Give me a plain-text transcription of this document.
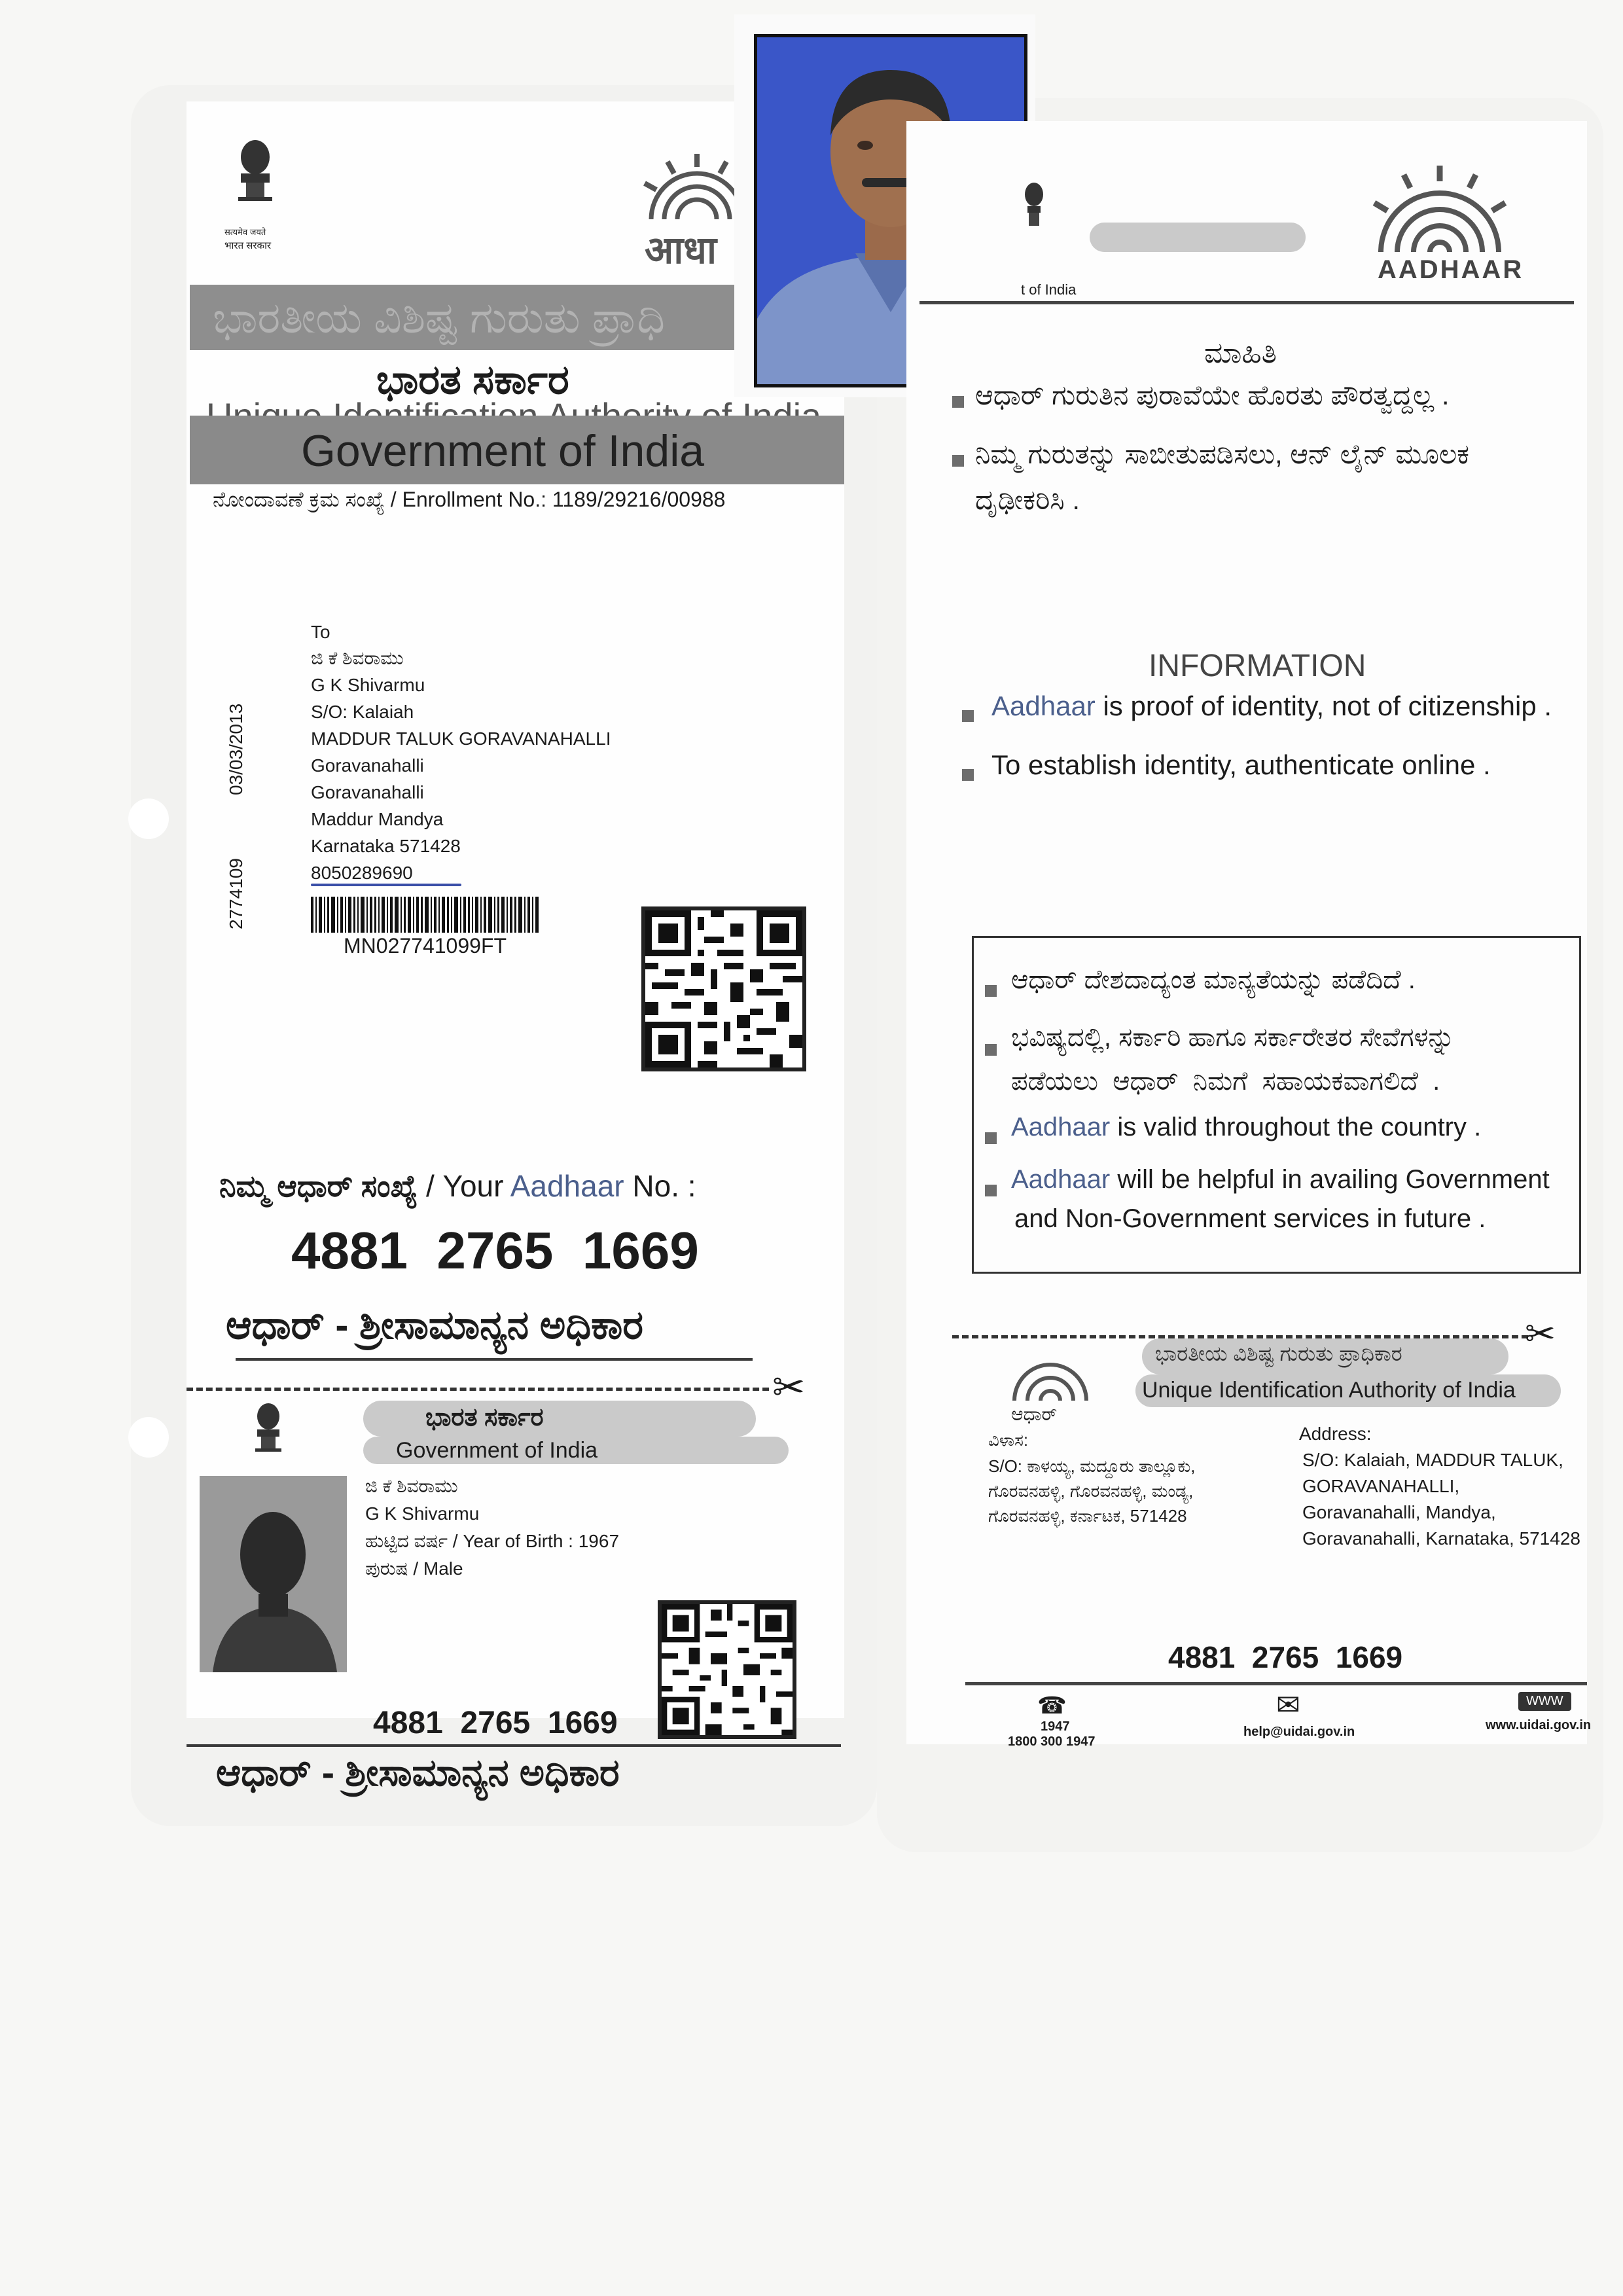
सत्यमेव जयते
भारत सरकार	आधा
ಭಾರತೀಯ ವಿಶಿಷ್ಟ ಗುರುತು ಪ್ರಾಧಿ
ಭಾರತ ಸರ್ಕಾರ
Government of India
ನೋಂದಾವಣೆ ಕ್ರಮ ಸಂಖ್ಯೆ / Enrollment No.: 1189/29216/00988
03/03/2013
2774109
To
ಜಿ ಕೆ ಶಿವರಾಮು
G K Shivarmu
S/O: Kalaiah
MADDUR TALUK GORAVANAHALLI
Goravanahalli
Goravanahalli
Maddur Mandya
Karnataka 571428
8050289690
MN027741099FT
ನಿಮ್ಮ ಆಧಾರ್ ಸಂಖ್ಯೆ / Your Aadhaar No. :
4881  2765  1669
ಆಧಾರ್ - ಶ್ರೀಸಾಮಾನ್ಯನ ಅಧಿಕಾರ
✂
ಭಾರತ ಸರ್ಕಾರ
Government of India
ಜಿ ಕೆ ಶಿವರಾಮು
G K Shivarmu
ಹುಟ್ಟಿದ ವರ್ಷ / Year of Birth : 1967
ಪುರುಷ / Male
4881  2765  1669
ಆಧಾರ್ - ಶ್ರೀಸಾಮಾನ್ಯನ ಅಧಿಕಾರ
t of India
AADHAAR
ಮಾಹಿತಿ
ಆಧಾರ್ ಗುರುತಿನ ಪುರಾವೆಯೇ ಹೊರತು ಪೌರತ್ವದ್ದಲ್ಲ .
ನಿಮ್ಮ ಗುರುತನ್ನು ಸಾಬೀತುಪಡಿಸಲು, ಆನ್ ಲೈನ್ ಮೂಲಕ
ದೃಢೀಕರಿಸಿ .
INFORMATION
Aadhaar is proof of identity, not of citizenship .
To establish identity, authenticate online .
ಆಧಾರ್ ದೇಶದಾದ್ಯಂತ ಮಾನ್ಯತೆಯನ್ನು ಪಡೆದಿದೆ .
ಭವಿಷ್ಯದಲ್ಲಿ, ಸರ್ಕಾರಿ ಹಾಗೂ ಸರ್ಕಾರೇತರ ಸೇವೆಗಳನ್ನು
ಪಡೆಯಲು  ಆಧಾರ್  ನಿಮಗೆ  ಸಹಾಯಕವಾಗಲಿದೆ  .
Aadhaar is valid throughout the country .
Aadhaar will be helpful in availing Government
and Non-Government services in future .
✂
ಆಧಾರ್
ಭಾರತೀಯ ವಿಶಿಷ್ಟ ಗುರುತು ಪ್ರಾಧಿಕಾರ
Unique Identification Authority of India
ವಿಳಾಸ:
S/O: ಕಾಳಯ್ಯ, ಮದ್ದೂರು ತಾಲ್ಲೂಕು,
ಗೊರವನಹಳ್ಳಿ, ಗೊರವನಹಳ್ಳಿ, ಮಂಡ್ಯ,
ಗೊರವನಹಳ್ಳಿ, ಕರ್ನಾಟಕ, 571428
Address:
S/O: Kalaiah, MADDUR TALUK,
GORAVANAHALLI,
Goravanahalli, Mandya,
Goravanahalli, Karnataka, 571428
4881  2765  1669
☎
1947
1800 300 1947
✉
help@uidai.gov.in
WWW
www.uidai.gov.in
